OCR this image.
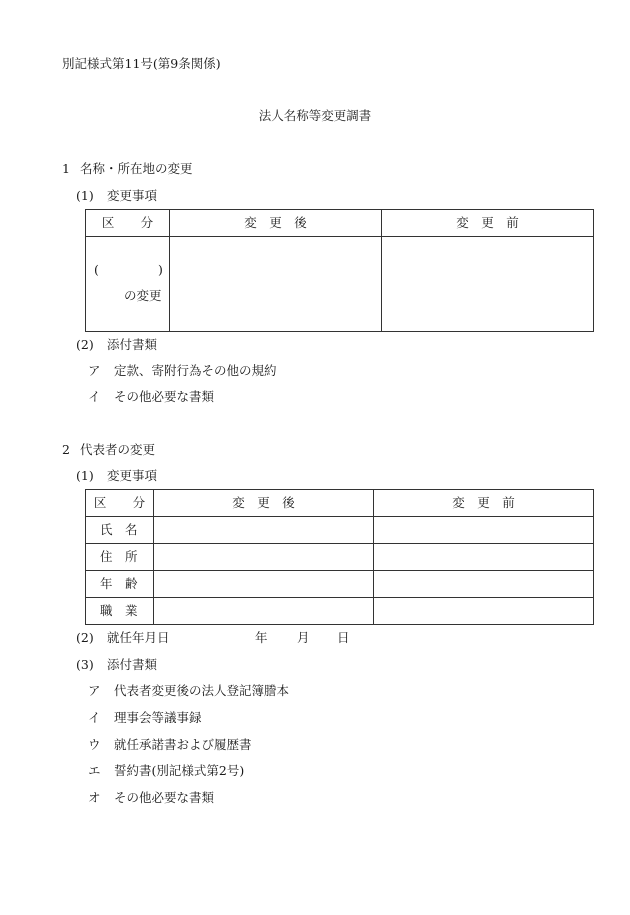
別記様式第11号(第9条関係)
法人名称等変更調書
1 名称・所在地の変更
(1) 変更事項
区　分	変　更　後	変　更　前

( )
の変更		

(2) 添付書類
ア 定款、寄附行為その他の規約
イ その他必要な書類
2 代表者の変更
(1) 変更事項
区　分	変　更　後	変　更　前
氏　名		
住　所		
年　齢		
職　業		
(2) 就任年月日	年 月 日
(3) 添付書類
ア 代表者変更後の法人登記簿謄本
イ 理事会等議事録
ウ 就任承諾書および履歴書
エ 誓約書(別記様式第2号)
オ その他必要な書類
